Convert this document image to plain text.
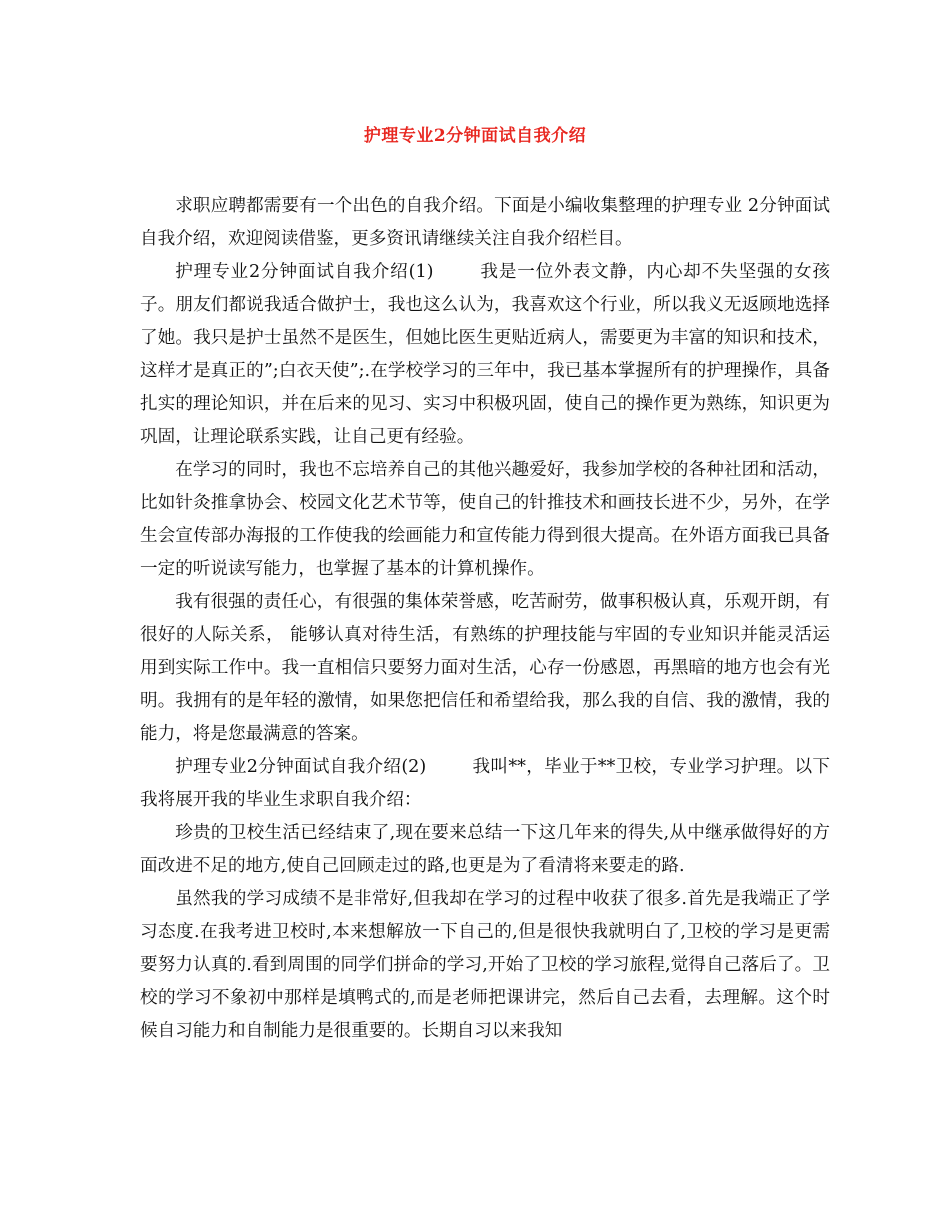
护理专业2分钟面试自我介绍

求职应聘都需要有一个出色的自我介绍。下面是小编收集整理的护理专业 2分钟面试自我介绍，欢迎阅读借鉴，更多资讯请继续关注自我介绍栏目。

护理专业2分钟面试自我介绍(1)	我是一位外表文静，内心却不失坚强的女孩子。朋友们都说我适合做护士，我也这么认为，我喜欢这个行业，所以我义无返顾地选择了她。我只是护士虽然不是医生，但她比医生更贴近病人，需要更为丰富的知识和技术，这样才是真正的”;白衣天使”;.在学校学习的三年中，我已基本掌握所有的护理操作，具备扎实的理论知识，并在后来的见习、实习中积极巩固，使自己的操作更为熟练，知识更为巩固，让理论联系实践，让自己更有经验。

在学习的同时，我也不忘培养自己的其他兴趣爱好，我参加学校的各种社团和活动，比如针灸推拿协会、校园文化艺术节等，使自己的针推技术和画技长进不少，另外，在学生会宣传部办海报的工作使我的绘画能力和宣传能力得到很大提高。在外语方面我已具备一定的听说读写能力，也掌握了基本的计算机操作。

我有很强的责任心，有很强的集体荣誉感，吃苦耐劳，做事积极认真，乐观开朗，有很好的人际关系， 能够认真对待生活，有熟练的护理技能与牢固的专业知识并能灵活运用到实际工作中。我一直相信只要努力面对生活，心存一份感恩，再黑暗的地方也会有光明。我拥有的是年轻的激情，如果您把信任和希望给我，那么我的自信、我的激情，我的能力，将是您最满意的答案。

护理专业2分钟面试自我介绍(2)	我叫**，毕业于**卫校，专业学习护理。以下我将展开我的毕业生求职自我介绍：

珍贵的卫校生活已经结束了,现在要来总结一下这几年来的得失,从中继承做得好的方面改进不足的地方,使自己回顾走过的路,也更是为了看清将来要走的路.

虽然我的学习成绩不是非常好,但我却在学习的过程中收获了很多.首先是我端正了学习态度.在我考进卫校时,本来想解放一下自己的,但是很快我就明白了,卫校的学习是更需要努力认真的.看到周围的同学们拼命的学习,开始了卫校的学习旅程,觉得自己落后了。卫校的学习不象初中那样是填鸭式的,而是老师把课讲完，然后自己去看，去理解。这个时候自习能力和自制能力是很重要的。长期自习以来我知
